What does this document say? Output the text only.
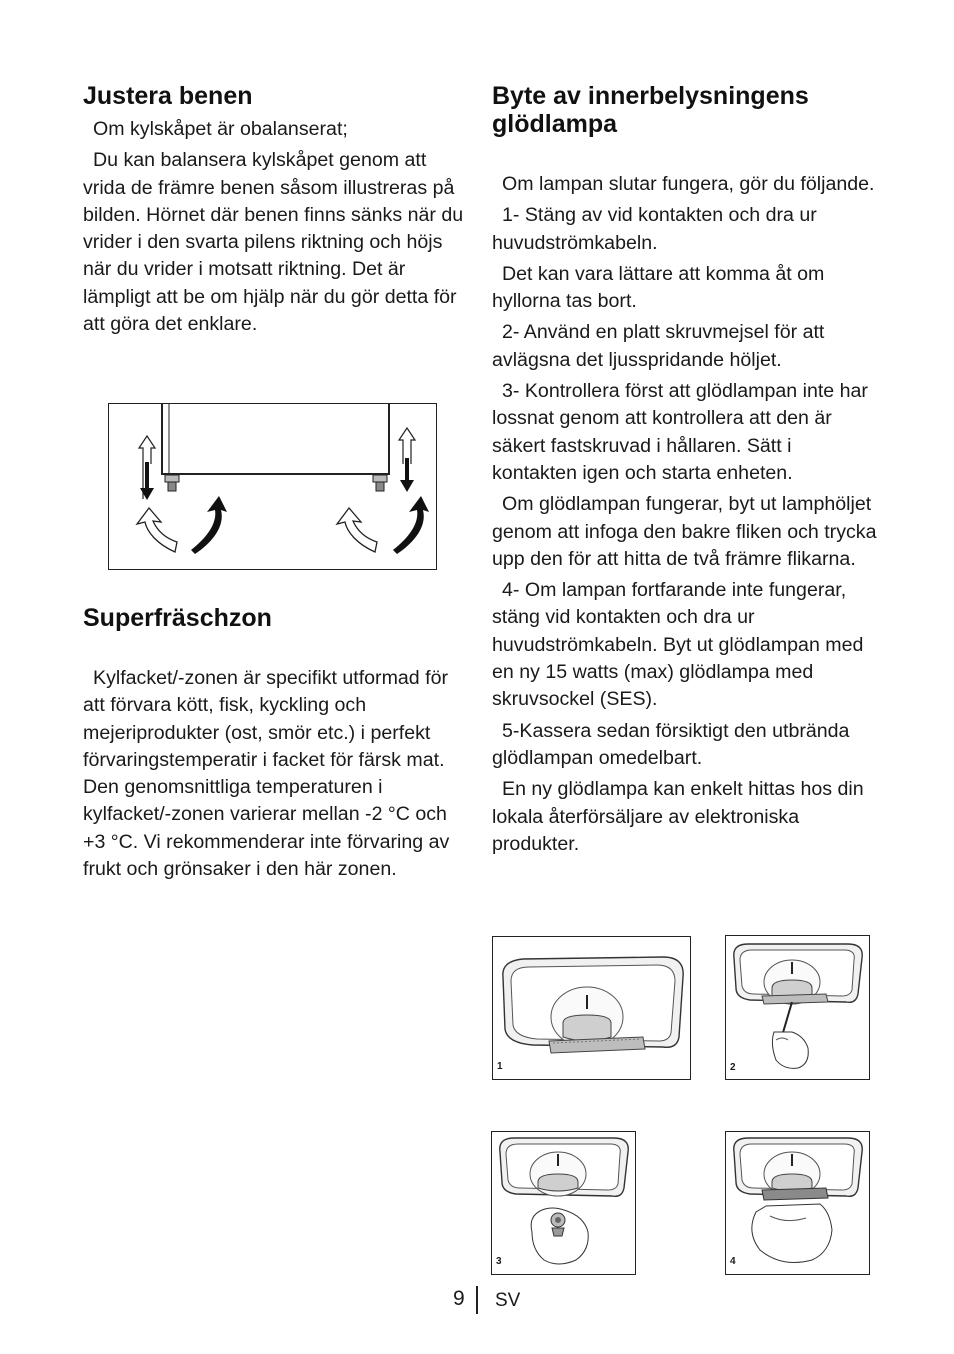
Justera benen

Om kylskåpet är obalanserat;

Du kan balansera kylskåpet genom att vrida de främre benen såsom illustreras på bilden. Hörnet där benen finns sänks när du vrider i den svarta pilens riktning och höjs när du vrider i motsatt riktning. Det är lämpligt att be om hjälp när du gör detta för att göra det enklare.

Superfräschzon

Kylfacket/-zonen är specifikt utformad för att förvara kött, fisk, kyckling och mejeriprodukter (ost, smör etc.) i perfekt förvaringstemperatir i facket för färsk mat. Den genomsnittliga temperaturen i kylfacket/-zonen varierar mellan -2 °C och +3 °C. Vi rekommenderar inte förvaring av frukt och grönsaker i den här zonen.

Byte av innerbelysningens glödlampa

Om lampan slutar fungera, gör du följande.

1- Stäng av vid kontakten och dra ur huvudströmkabeln.

Det kan vara lättare att komma åt om hyllorna tas bort.

2- Använd en platt skruvmejsel för att avlägsna det ljusspridande höljet.

3- Kontrollera först att glödlampan inte har lossnat genom att kontrollera att den är säkert fastskruvad i hållaren. Sätt i kontakten igen och starta enheten.

Om glödlampan fungerar, byt ut lamphöljet genom att infoga den bakre fliken och trycka upp den för att hitta de två främre flikarna.

4- Om lampan fortfarande inte fungerar, stäng vid kontakten och dra ur huvudströmkabeln. Byt ut glödlampan med en ny 15 watts (max) glödlampa med skruvsockel (SES).

5-Kassera sedan försiktigt den utbrända glödlampan omedelbart.

En ny glödlampa kan enkelt hittas hos din lokala återförsäljare av elektroniska produkter.

1	2
3	4
9 SV
